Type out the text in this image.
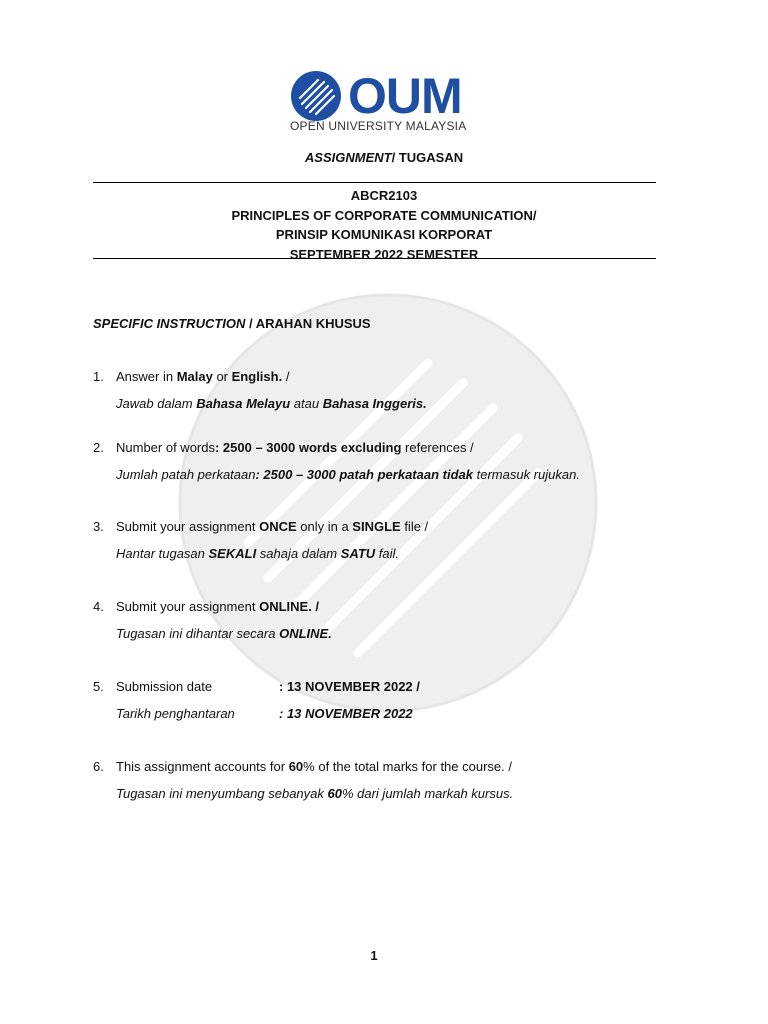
OUM
OPEN UNIVERSITY MALAYSIA
ASSIGNMENT/ TUGASAN
ABCR2103
PRINCIPLES OF CORPORATE COMMUNICATION/
PRINSIP KOMUNIKASI KORPORAT
SEPTEMBER 2022 SEMESTER
SPECIFIC INSTRUCTION / ARAHAN KHUSUS
1. Answer in Malay or English. /
Jawab dalam Bahasa Melayu atau Bahasa Inggeris.
2. Number of words: 2500 – 3000 words excluding references /
Jumlah patah perkataan: 2500 – 3000 patah perkataan tidak termasuk rujukan.
3. Submit your assignment ONCE only in a SINGLE file /
Hantar tugasan SEKALI sahaja dalam SATU fail.
4. Submit your assignment ONLINE. /
Tugasan ini dihantar secara ONLINE.
5. Submission date	: 13 NOVEMBER 2022 /
Tarikh penghantaran	: 13 NOVEMBER 2022
6. This assignment accounts for 60% of the total marks for the course. /
Tugasan ini menyumbang sebanyak 60% dari jumlah markah kursus.
1
